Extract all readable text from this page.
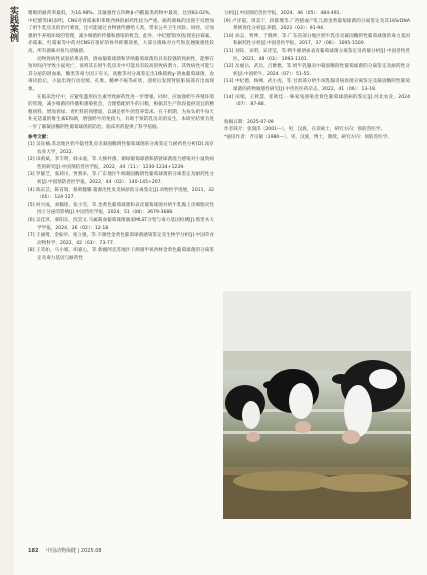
实践案例 嗜吡的耐药率最低，为16.98%。其敏感性在四种β-内酰胺类药物中最高，达到83.02%。中纪德等[8]表明，CNS对青霉素和苯唑西林的耐药性较为严重，耐药菌株的出现不仅增加了奶牛乳房炎的治疗难度，还可能通过食物链传播给人类，带来公共卫生风险。同时，应加强奶牛养殖环境的管理，减少细菌的传播和感染的机会。此外，中纪德等[9]发现克拉霉素、赤霉素、红霉素等中药对CNS有很好的体外抑制效果，大部分菌株对白芍和连翘敏感性较高，所有菌株对鱼鸟清敏感。

动物致病性试验结果表明，溶血葡萄球菌和华纳葡萄球菌均具有较强的致病性，能够在短时间内导致小鼠死亡，说明其在奶牛乳房炎中可能具有较高的致病潜力。其致病性可能与其分泌的溶血素、酶类等毒力因子有关。高雅等对分离鉴定出1株猪源ɣ-溶血葡萄球菌，攻毒试验后，小鼠出现行动迟缓、扎堆、精神不振等症状，剖检后发现肾脏脏质部有出血现象。

在临床治疗中，应避免滥用抗生素导致耐药性进一步增强。同时，应加强奶牛养殖环境的管理，减少细菌的传播和感染机会，合理搭配奶牛的日粮，根据其生产阶段提供适宜的精粗饲料，增加青绿、青贮料的饲喂量，以满足奶牛的营养需求。在干奶期，为每头奶牛每天补充适量的维生素E和硒，增强奶牛的免疫力，有助于预防乳房炎的发生。本研究结果为进一步了解凝固酶阴性葡萄球菌的防治、临床用药提供了科学依据。

参考文献：

[1] 吴钰楠.苏北地区奶牛隐性乳房炎凝固酶阴性葡萄球菌的分离鉴定与耐药性分析[D].南京农业大学，2022.

[2] 田莉斌，李丰明，韩永嘉，等.大肠杆菌、铜绿葡萄球菌和猪链球菌混合感染对小鼠致病性的研究[J].中国预防兽医学报，2022，44（11）：1230-1234+1239.

[3] 罗静芝，张莉川，贾燕来，等.广东地区牛源凝固酶阴性葡萄球菌的分离鉴定及耐药性分析[J].中国预防兽医学报，2022，44（02）：140-145+207.

[4] 陈东芸，陈省瑞，蔡莉健璐.猪源出性皮炎病原的分离鉴定[J].动物医学进展，2011，32（05）：124-127.

[5] 何兴成，刘佩瑶，张小雪，等.金黄色葡萄球菌和表皮葡萄球菌对奶牛乳腺上皮细胞炎性因子分泌的影响[J].中国兽医学报，2024，51（08）：3679-3688.

[6] 吴佳淳，蒙阳东，沈昊文.马属凝血葡萄球菌肠道MLST分型与毒力基因检测[J].塔里木大学学报，2024，36（02）：12-18.

[7] 王丽琦，金振亭，张立强，等.不源性金黄色葡萄球菌感染鉴定及生物学分析[J].中国草食动物科学，2022，42（03）：73-77.

[8] 王笑如，马小娟，胡嘉心，等.新疆阿克苏地区干源腐甲氧西林金黄色葡萄球菌的分离鉴定及毒力基因与耐药性

分析[J].中国预防兽医学报，2024，46（05）：484-491.

[9] 卢洋霞，周美宁，段群瑾等.广西猪或产肛儿源金黄葡萄球菌的分离鉴定及其16SrDNA系统进化分析[J].养猪，2021（03）：91-94.

[10] 孙志，贾坤，于晓坤，等.广东省部分地区奶牛乳房炎凝固酶阴性葡萄球菌的毒力基因和耐药性分析[J].中国兽医学报，2017，37（08）：1695-1500.

[11] 刘钰，宋明，宋诗莹，等.鸭牛源溶血表皮葡萄球菌分离鉴定及药敏分析[J].中国兽牧兽医，2021，48（03）：1093-1101.

[12] 岳丽岳，武岳，吕雅雅，等.奶牛乳腺炎中凝固酶阴性葡萄球菌的分离鉴定及耐药性分析[J].中国奶牛，2024（07）：51-55.

[13] 中纪德，杨峰，武小虎，等.甘肃部分奶牛场乳腺炎病原菌分离鉴定及凝固酶阴性葡萄球菌的药物敏感性研究[J].中兽医医药杂志，2022，41（06）：13-18.

[14] 田娟，王秋慧，崔秋佳.一株家兔感染金黄色葡萄球菌病的鉴定[J].河北农业，2024（07）：87-88.

收稿日期：2025-07-09

作者简介：张润泽（2001—），男，汉族，在读硕士，研究方向：预防兽医学。

*通讯作者：齐宗敏（1980—），男，汉族，博士，教授，研究方向：预防兽医学。

182 中国动物保健 | 2025.08
